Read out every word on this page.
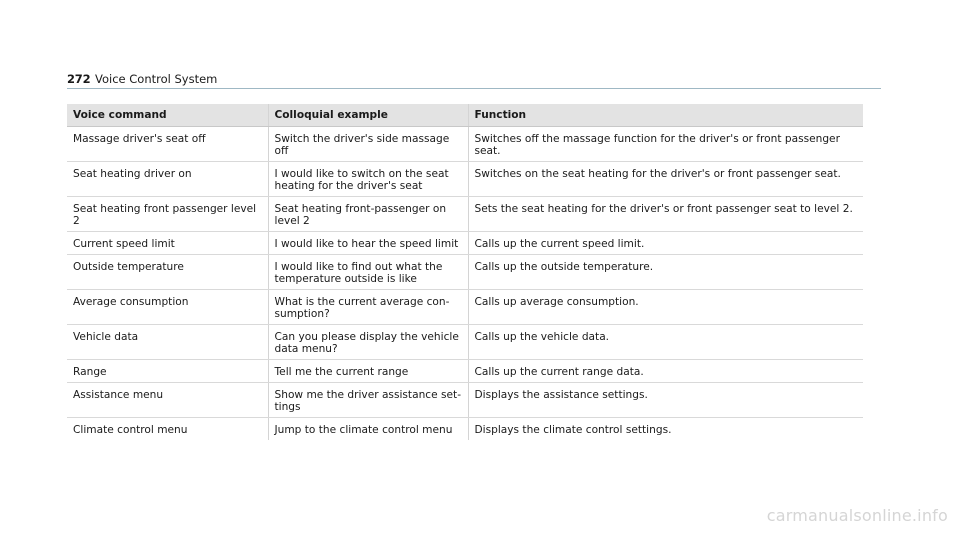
272 Voice Control System
Voice command	Colloquial example	Function
Massage driver's seat off	Switch the driver's side massage off	Switches off the massage function for the driver's or front passenger seat.
Seat heating driver on	I would like to switch on the seat heating for the driver's seat	Switches on the seat heating for the driver's or front passenger seat.
Seat heating front passenger level 2	Seat heating front-passenger on level 2	Sets the seat heating for the driver's or front passenger seat to level 2.
Current speed limit	I would like to hear the speed limit	Calls up the current speed limit.
Outside temperature	I would like to find out what the temperature outside is like	Calls up the outside temperature.
Average consumption	What is the current average con-sumption?	Calls up average consumption.
Vehicle data	Can you please display the vehicle data menu?	Calls up the vehicle data.
Range	Tell me the current range	Calls up the current range data.
Assistance menu	Show me the driver assistance set-tings	Displays the assistance settings.
Climate control menu	Jump to the climate control menu	Displays the climate control settings.
carmanualsonline.info
